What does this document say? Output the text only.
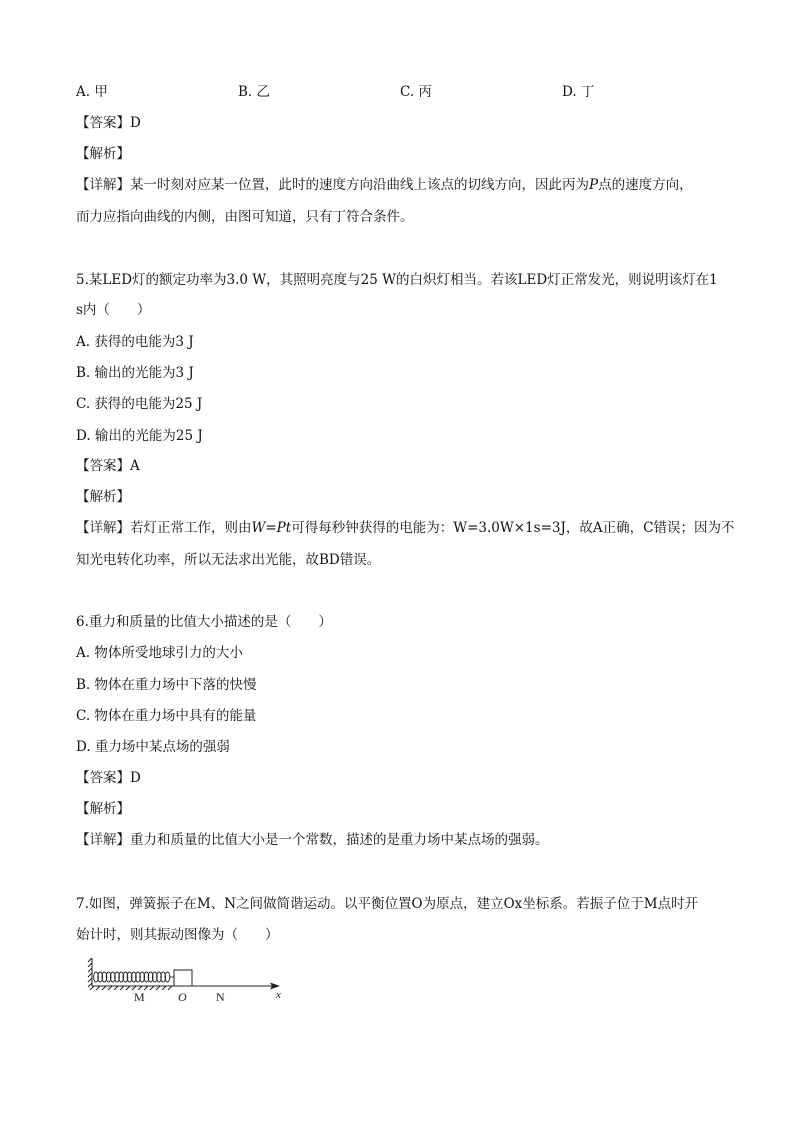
A. 甲	B. 乙	C. 丙	D. 丁
【答案】D
【解析】
【详解】某一时刻对应某一位置，此时的速度方向沿曲线上该点的切线方向，因此丙为P点的速度方向，
而力应指向曲线的内侧，由图可知道，只有丁符合条件。
5.某LED灯的额定功率为3.0 W，其照明亮度与25 W的白炽灯相当。若该LED灯正常发光，则说明该灯在1
s内（　　）
A. 获得的电能为3 J
B. 输出的光能为3 J
C. 获得的电能为25 J
D. 输出的光能为25 J
【答案】A
【解析】
【详解】若灯正常工作，则由W=Pt可得每秒钟获得的电能为：W=3.0W×1s=3J，故A正确，C错误；因为不
知光电转化功率，所以无法求出光能，故BD错误。
6.重力和质量的比值大小描述的是（　　）
A. 物体所受地球引力的大小
B. 物体在重力场中下落的快慢
C. 物体在重力场中具有的能量
D. 重力场中某点场的强弱
【答案】D
【解析】
【详解】重力和质量的比值大小是一个常数，描述的是重力场中某点场的强弱。
7.如图，弹簧振子在M、N之间做简谐运动。以平衡位置O为原点，建立Ox坐标系。若振子位于M点时开
始计时，则其振动图像为（　　）
M	O N	x
